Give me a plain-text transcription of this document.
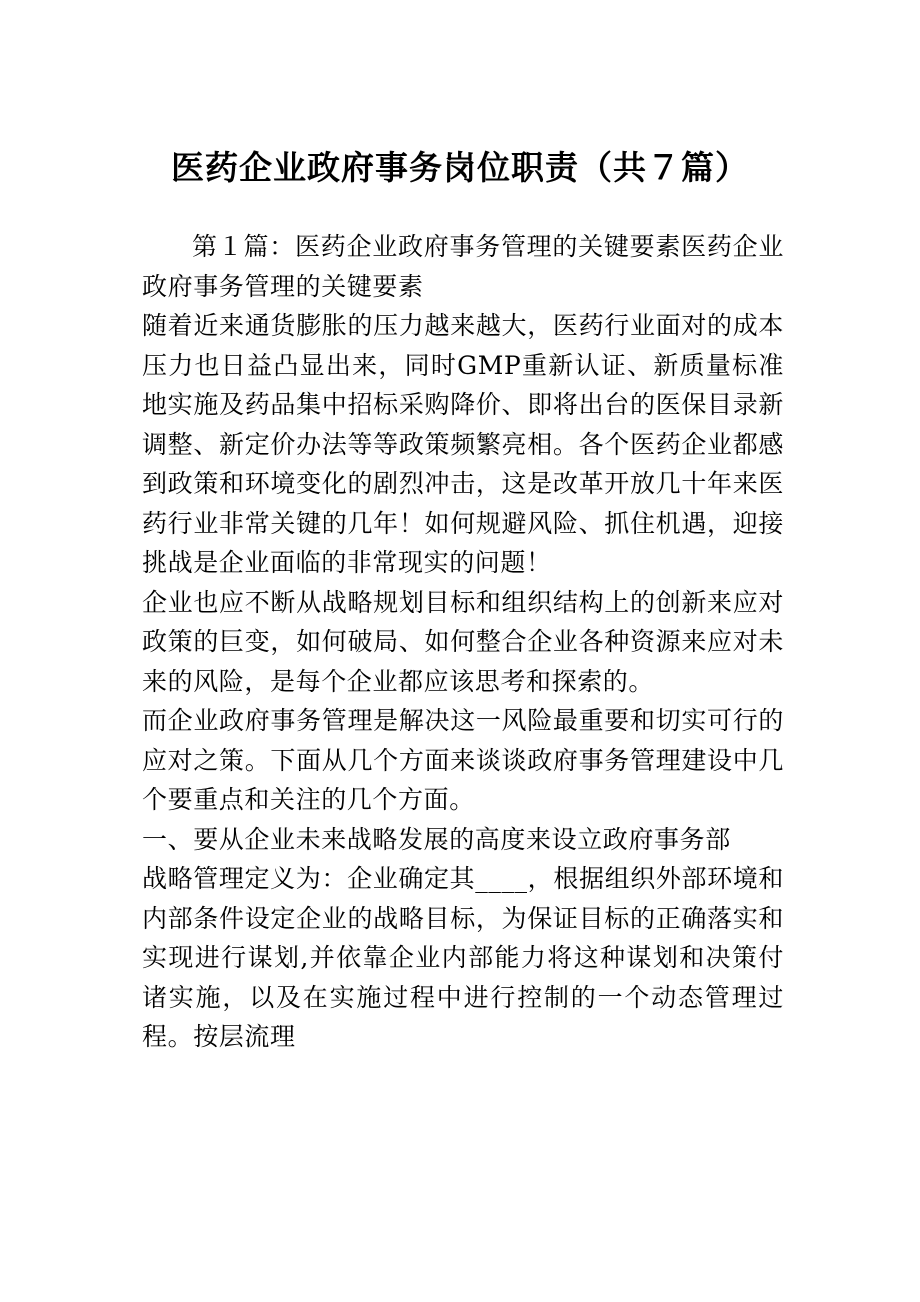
医药企业政府事务岗位职责（共７篇）

第１篇：医药企业政府事务管理的关键要素医药企业政府事务管理的关键要素

随着近来通货膨胀的压力越来越大，医药行业面对的成本压力也日益凸显出来，同时GMP重新认证、新质量标准地实施及药品集中招标采购降价、即将出台的医保目录新调整、新定价办法等等政策频繁亮相。各个医药企业都感到政策和环境变化的剧烈冲击，这是改革开放几十年来医药行业非常关键的几年！如何规避风险、抓住机遇，迎接挑战是企业面临的非常现实的问题！

企业也应不断从战略规划目标和组织结构上的创新来应对政策的巨变，如何破局、如何整合企业各种资源来应对未来的风险，是每个企业都应该思考和探索的。

而企业政府事务管理是解决这一风险最重要和切实可行的应对之策。下面从几个方面来谈谈政府事务管理建设中几个要重点和关注的几个方面。

一、要从企业未来战略发展的高度来设立政府事务部

战略管理定义为：企业确定其____，根据组织外部环境和内部条件设定企业的战略目标，为保证目标的正确落实和实现进行谋划,并依靠企业内部能力将这种谋划和决策付诸实施，以及在实施过程中进行控制的一个动态管理过程。按层流理
